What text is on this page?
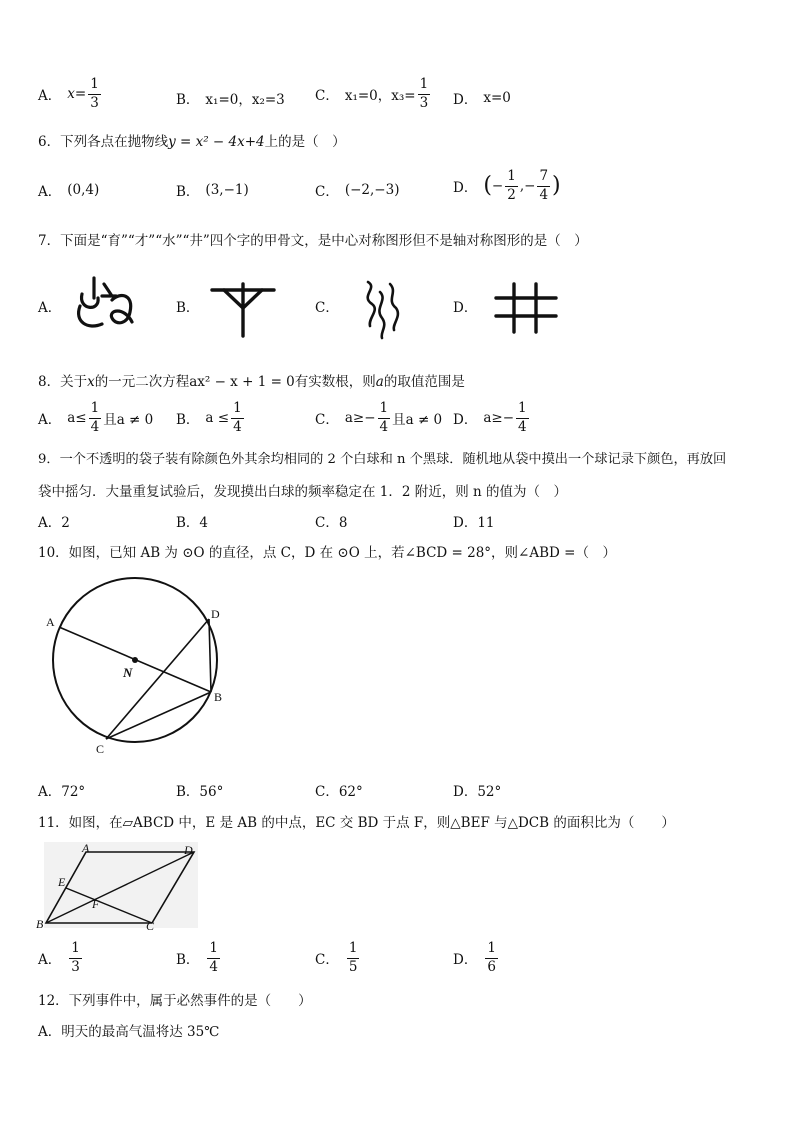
A． $x = \frac{1}{3}$	B． x₁=0，x₂=3 C． x₁=0，$x_3= \frac{1}{3}$ D． x=0
6．下列各点在抛物线y = x² − 4x+4上的是（　）
A． (0,4)	B． (3,−1)	C． (−2,−3)	D． ( − $\frac{1}{2}$ ,− $\frac{7}{4}$ )
7．下面是“育”“才”“水”“井”四个字的甲骨文，是中心对称图形但不是轴对称图形的是（　）
A．	B．	C．	D．
8．关于x的一元二次方程ax² − x + 1 = 0有实数根，则a的取值范围是
A． $a\le \frac{1}{4}$ 且a ≠ 0 B． $a \le \frac{1}{4}$	C． $a\ge- \frac{1}{4}$ 且a ≠ 0 D． $a\ge- \frac{1}{4}$
9．一个不透明的袋子装有除颜色外其余均相同的 2 个白球和 n 个黑球．随机地从袋中摸出一个球记录下颜色，再放回
袋中摇匀．大量重复试验后，发现摸出白球的频率稳定在 1．2 附近，则 n 的值为（　）
A．2	B．4	C．8	D．11
10．如图，已知 AB 为 ⊙O 的直径，点 C，D 在 ⊙O 上，若∠BCD = 28°，则∠ABD =（　）
A
D
B
C
N
A．72°	B．56°	C．62°	D．52°
11．如图，在▱ABCD 中，E 是 AB 的中点，EC 交 BD 于点 F，则△BEF 与△DCB 的面积比为（　　）
A	D
E
F
B	C
A． $\frac{1}{3}$	B． $\frac{1}{4}$	C． $\frac{1}{5}$	D． $\frac{1}{6}$
12．下列事件中，属于必然事件的是（　　）
A．明天的最高气温将达 35℃
